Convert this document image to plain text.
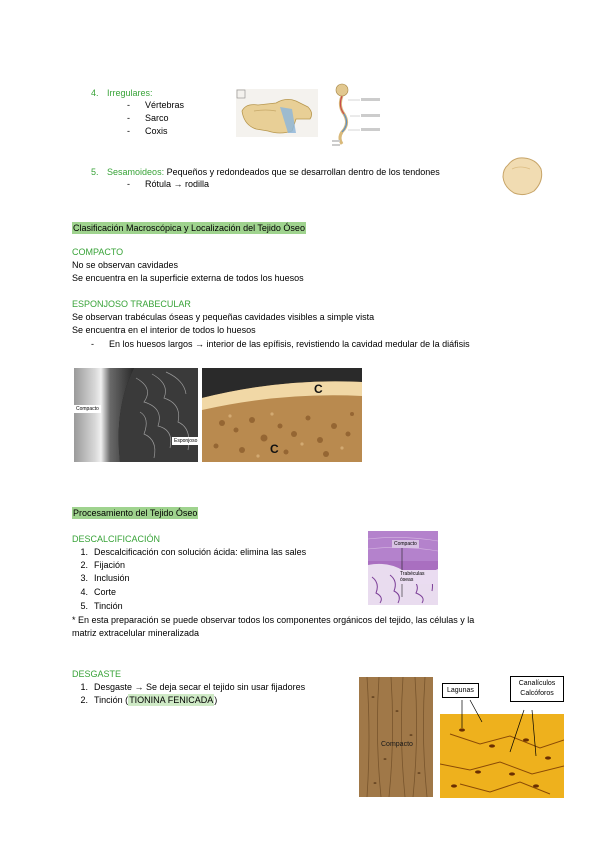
4. Irregulares:
- Vértebras
- Sarco
- Coxis
5. Sesamoideos: Pequeños y redondeados que se desarrollan dentro de los tendones
- Rótula → rodilla
Clasificación Macroscópica y Localización del Tejido Óseo
COMPACTO
No se observan cavidades
Se encuentra en la superficie externa de todos los huesos
ESPONJOSO TRABECULAR
Se observan trabéculas óseas y pequeñas cavidades visibles a simple vista
Se encuentra en el interior de todos lo huesos
- En los huesos largos → interior de las epífisis, revistiendo la cavidad medular de la diáfisis
Compacto
Esponjoso
C
C
Procesamiento del Tejido Óseo
DESCALCIFICACIÓN
1. Descalcificación con solución ácida: elimina las sales
2. Fijación
3. Inclusión
4. Corte
5. Tinción
* En esta preparación se puede observar todos los componentes orgánicos del tejido, las células y la
matriz extracelular mineralizada
Compacto
Trabéculas óseas
DESGASTE
1. Desgaste → Se deja secar el tejido sin usar fijadores
2. Tinción (TIONINA FENICADA)
Compacto
Lagunas
Canalículos Calcóforos
